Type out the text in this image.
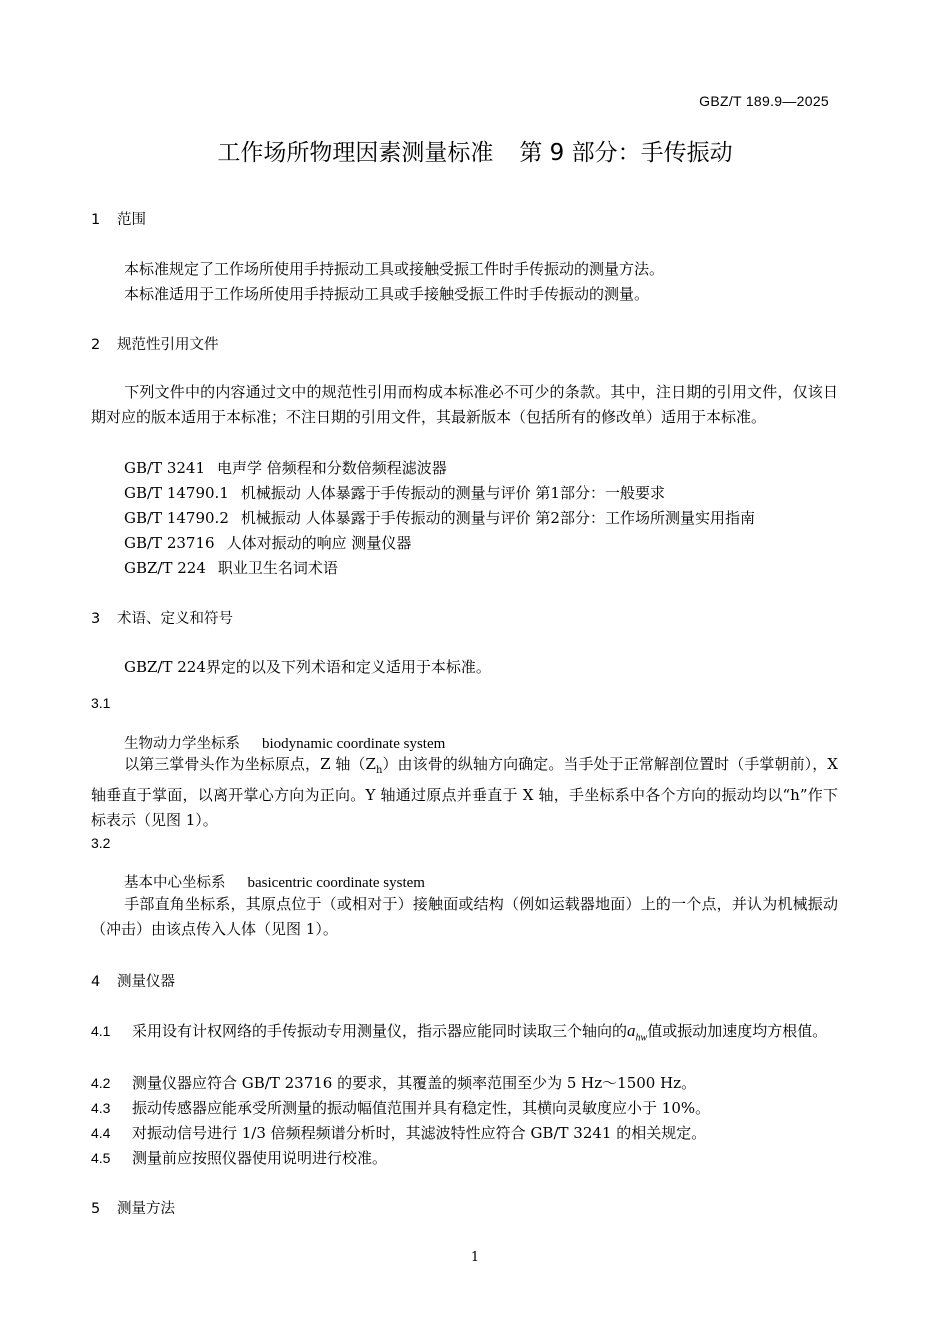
GBZ/T 189.9—2025
工作场所物理因素测量标准 第 9 部分：手传振动
1 范围
本标准规定了工作场所使用手持振动工具或接触受振工件时手传振动的测量方法。
本标准适用于工作场所使用手持振动工具或手接触受振工件时手传振动的测量。
2 规范性引用文件
下列文件中的内容通过文中的规范性引用而构成本标准必不可少的条款。其中，注日期的引用文件，仅该日期对应的版本适用于本标准；不注日期的引用文件，其最新版本（包括所有的修改单）适用于本标准。
GB/T 3241 电声学 倍频程和分数倍频程滤波器
GB/T 14790.1 机械振动 人体暴露于手传振动的测量与评价 第1部分：一般要求
GB/T 14790.2 机械振动 人体暴露于手传振动的测量与评价 第2部分：工作场所测量实用指南
GB/T 23716 人体对振动的响应 测量仪器
GBZ/T 224 职业卫生名词术语
3 术语、定义和符号
GBZ/T 224界定的以及下列术语和定义适用于本标准。
3.1
生物动力学坐标系 biodynamic coordinate system
以第三掌骨头作为坐标原点，Z 轴$(Z_h)$由该骨的纵轴方向确定。当手处于正常解剖位置时（手掌朝前），X 轴垂直于掌面，以离开掌心方向为正向。Y 轴通过原点并垂直于 X 轴，手坐标系中各个方向的振动均以“h”作下标表示（见图 1）。
3.2
基本中心坐标系 basicentric coordinate system
手部直角坐标系，其原点位于（或相对于）接触面或结构（例如运载器地面）上的一个点，并认为机械振动（冲击）由该点传入人体（见图 1）。
4 测量仪器
4.1 采用设有计权网络的手传振动专用测量仪，指示器应能同时读取三个轴向的$a_{hw}$值或振动加速度均方根值。
4.2 测量仪器应符合 GB/T 23716 的要求，其覆盖的频率范围至少为 5 Hz～1500 Hz。
4.3 振动传感器应能承受所测量的振动幅值范围并具有稳定性，其横向灵敏度应小于 10%。
4.4 对振动信号进行 1/3 倍频程频谱分析时，其滤波特性应符合 GB/T 3241 的相关规定。
4.5 测量前应按照仪器使用说明进行校准。
5 测量方法
1
